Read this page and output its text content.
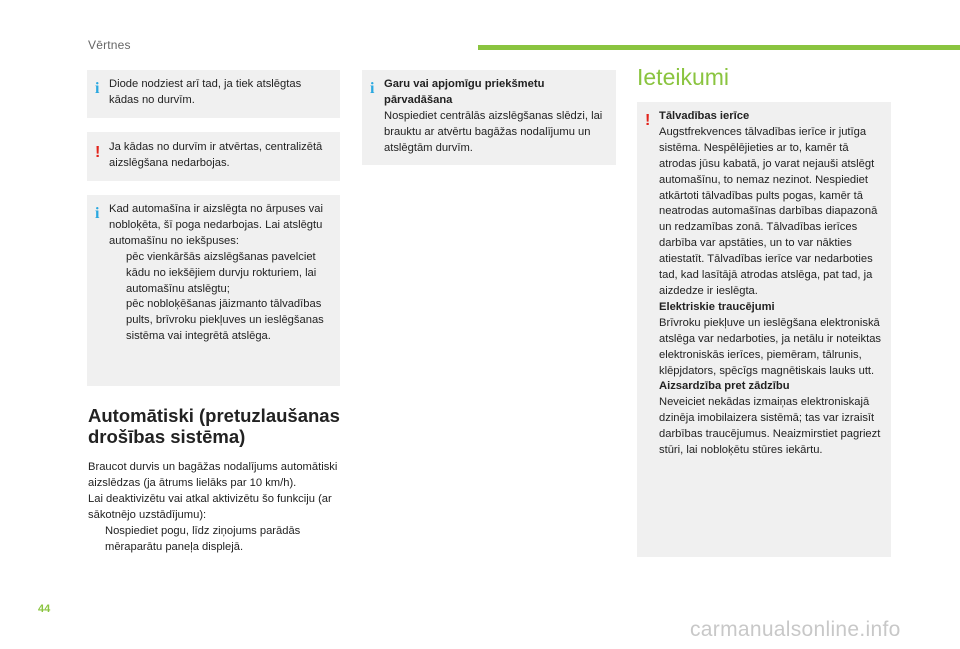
Vērtnes
i Diode nodziest arī tad, ja tiek atslēgtas kādas no durvīm.
! Ja kādas no durvīm ir atvērtas, centralizētā aizslēgšana nedarbojas.
i Kad automašīna ir aizslēgta no ārpuses vai nobloķēta, šī poga nedarbojas. Lai atslēgtu automašīnu no iekšpuses:
pēc vienkāršās aizslēgšanas pavelciet kādu no iekšējiem durvju rokturiem, lai automašīnu atslēgtu;
pēc nobloķēšanas jāizmanto tālvadības pults, brīvroku piekļuves un ieslēgšanas sistēma vai integrētā atslēga.
Automātiski (pretuzlaušanas drošības sistēma)
Braucot durvis un bagāžas nodalījums automātiski aizslēdzas (ja ātrums lielāks par 10 km/h).
Lai deaktivizētu vai atkal aktivizētu šo funkciju (ar sākotnējo uzstādījumu):
Nospiediet pogu, līdz ziņojums parādās mēraparātu paneļa displejā.
i Garu vai apjomīgu priekšmetu pārvadāšana
Nospiediet centrālās aizslēgšanas slēdzi, lai brauktu ar atvērtu bagāžas nodalījumu un atslēgtām durvīm.
Ieteikumi
! Tālvadības ierīce
Augstfrekvences tālvadības ierīce ir jutīga sistēma. Nespēlējieties ar to, kamēr tā atrodas jūsu kabatā, jo varat nejauši atslēgt automašīnu, to nemaz nezinot. Nespiediet atkārtoti tālvadības pults pogas, kamēr tā neatrodas automašīnas darbības diapazonā un redzamības zonā. Tālvadības ierīces darbība var apstāties, un to var nākties atiestatīt. Tālvadības ierīce var nedarboties tad, kad lasītājā atrodas atslēga, pat tad, ja aizdedze ir ieslēgta.
Elektriskie traucējumi
Brīvroku piekļuve un ieslēgšana elektroniskā atslēga var nedarboties, ja netālu ir noteiktas elektroniskās ierīces, piemēram, tālrunis, klēpjdators, spēcīgs magnētiskais lauks utt.
Aizsardzība pret zādzību
Neveiciet nekādas izmaiņas elektroniskajā dzinēja imobilaizera sistēmā; tas var izraisīt darbības traucējumus. Neaizmirstiet pagriezt stūri, lai nobloķētu stūres iekārtu.
44
carmanualsonline.info
